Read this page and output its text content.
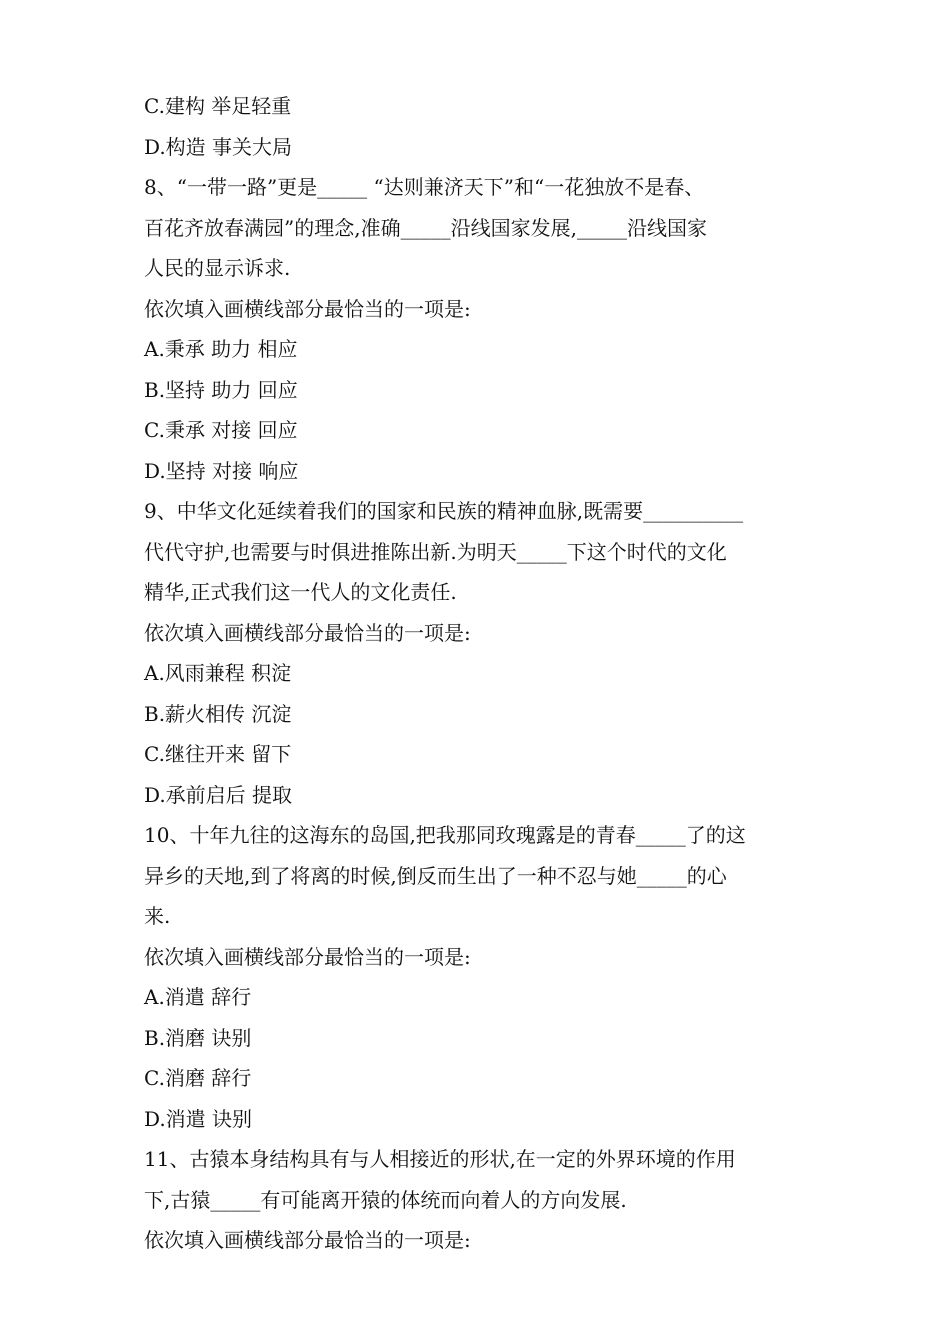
C.建构 举足轻重
D.构造 事关大局
8、“一带一路”更是_____ “达则兼济天下”和“一花独放不是春、
百花齐放春满园”的理念,准确_____沿线国家发展,_____沿线国家
人民的显示诉求.
依次填入画横线部分最恰当的一项是:
A.秉承 助力 相应
B.坚持 助力 回应
C.秉承 对接 回应
D.坚持 对接 响应
9、中华文化延续着我们的国家和民族的精神血脉,既需要__________
代代守护,也需要与时俱进推陈出新.为明天_____下这个时代的文化
精华,正式我们这一代人的文化责任.
依次填入画横线部分最恰当的一项是:
A.风雨兼程 积淀
B.薪火相传 沉淀
C.继往开来 留下
D.承前启后 提取
10、十年九往的这海东的岛国,把我那同玫瑰露是的青春_____了的这
异乡的天地,到了将离的时候,倒反而生出了一种不忍与她_____的心
来.
依次填入画横线部分最恰当的一项是:
A.消遣 辞行
B.消磨 诀别
C.消磨 辞行
D.消遣 诀别
11、古猿本身结构具有与人相接近的形状,在一定的外界环境的作用
下,古猿_____有可能离开猿的体统而向着人的方向发展.
依次填入画横线部分最恰当的一项是:
